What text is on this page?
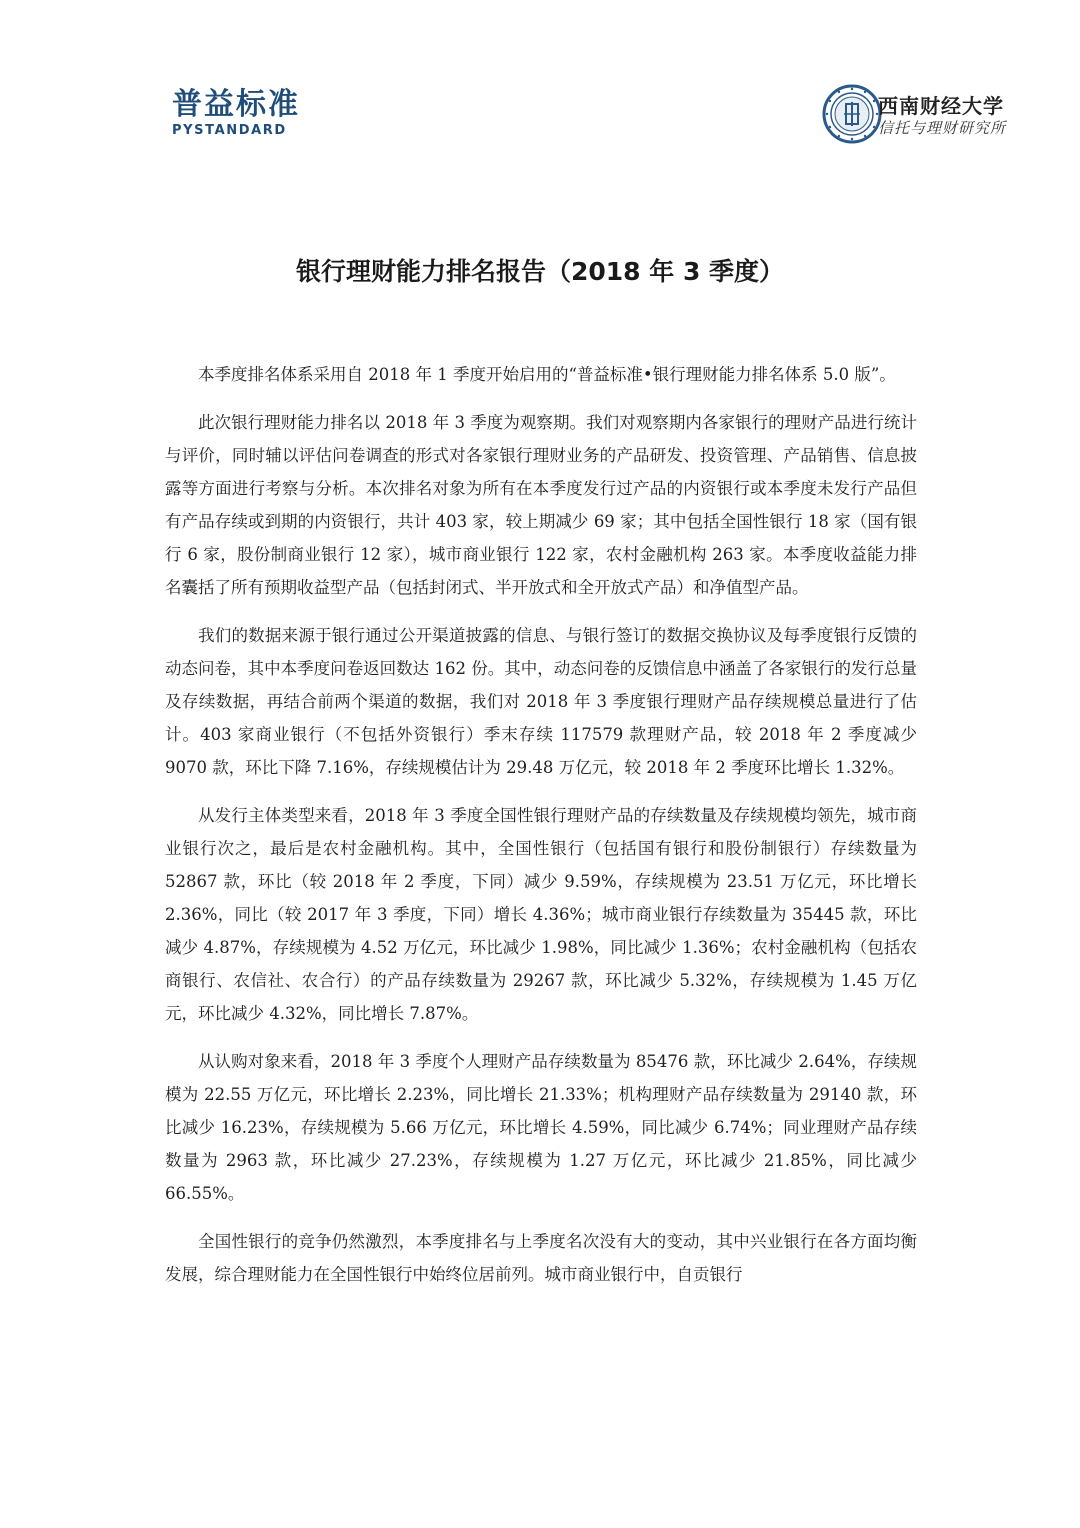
普益标准
PYSTANDARD
西南财经大学
信托与理财研究所
银行理财能力排名报告（2018 年 3 季度）

本季度排名体系采用自 2018 年 1 季度开始启用的“普益标准•银行理财能力排名体系 5.0 版”。

此次银行理财能力排名以 2018 年 3 季度为观察期。我们对观察期内各家银行的理财产品进行统计与评价，同时辅以评估问卷调查的形式对各家银行理财业务的产品研发、投资管理、产品销售、信息披露等方面进行考察与分析。本次排名对象为所有在本季度发行过产品的内资银行或本季度未发行产品但有产品存续或到期的内资银行，共计 403 家，较上期减少 69 家；其中包括全国性银行 18 家（国有银行 6 家，股份制商业银行 12 家），城市商业银行 122 家，农村金融机构 263 家。本季度收益能力排名囊括了所有预期收益型产品（包括封闭式、半开放式和全开放式产品）和净值型产品。

我们的数据来源于银行通过公开渠道披露的信息、与银行签订的数据交换协议及每季度银行反馈的动态问卷，其中本季度问卷返回数达 162 份。其中，动态问卷的反馈信息中涵盖了各家银行的发行总量及存续数据，再结合前两个渠道的数据，我们对 2018 年 3 季度银行理财产品存续规模总量进行了估计。403 家商业银行（不包括外资银行）季末存续 117579 款理财产品，较 2018 年 2 季度减少 9070 款，环比下降 7.16%，存续规模估计为 29.48 万亿元，较 2018 年 2 季度环比增长 1.32%。

从发行主体类型来看，2018 年 3 季度全国性银行理财产品的存续数量及存续规模均领先，城市商业银行次之，最后是农村金融机构。其中，全国性银行（包括国有银行和股份制银行）存续数量为 52867 款，环比（较 2018 年 2 季度，下同）减少 9.59%，存续规模为 23.51 万亿元，环比增长 2.36%，同比（较 2017 年 3 季度，下同）增长 4.36%；城市商业银行存续数量为 35445 款，环比减少 4.87%，存续规模为 4.52 万亿元，环比减少 1.98%，同比减少 1.36%；农村金融机构（包括农商银行、农信社、农合行）的产品存续数量为 29267 款，环比减少 5.32%，存续规模为 1.45 万亿元，环比减少 4.32%，同比增长 7.87%。

从认购对象来看，2018 年 3 季度个人理财产品存续数量为 85476 款，环比减少 2.64%，存续规模为 22.55 万亿元，环比增长 2.23%，同比增长 21.33%；机构理财产品存续数量为 29140 款，环比减少 16.23%，存续规模为 5.66 万亿元，环比增长 4.59%，同比减少 6.74%；同业理财产品存续数量为 2963 款，环比减少 27.23%，存续规模为 1.27 万亿元，环比减少 21.85%，同比减少 66.55%。

全国性银行的竞争仍然激烈，本季度排名与上季度名次没有大的变动，其中兴业银行在各方面均衡发展，综合理财能力在全国性银行中始终位居前列。城市商业银行中，自贡银行
